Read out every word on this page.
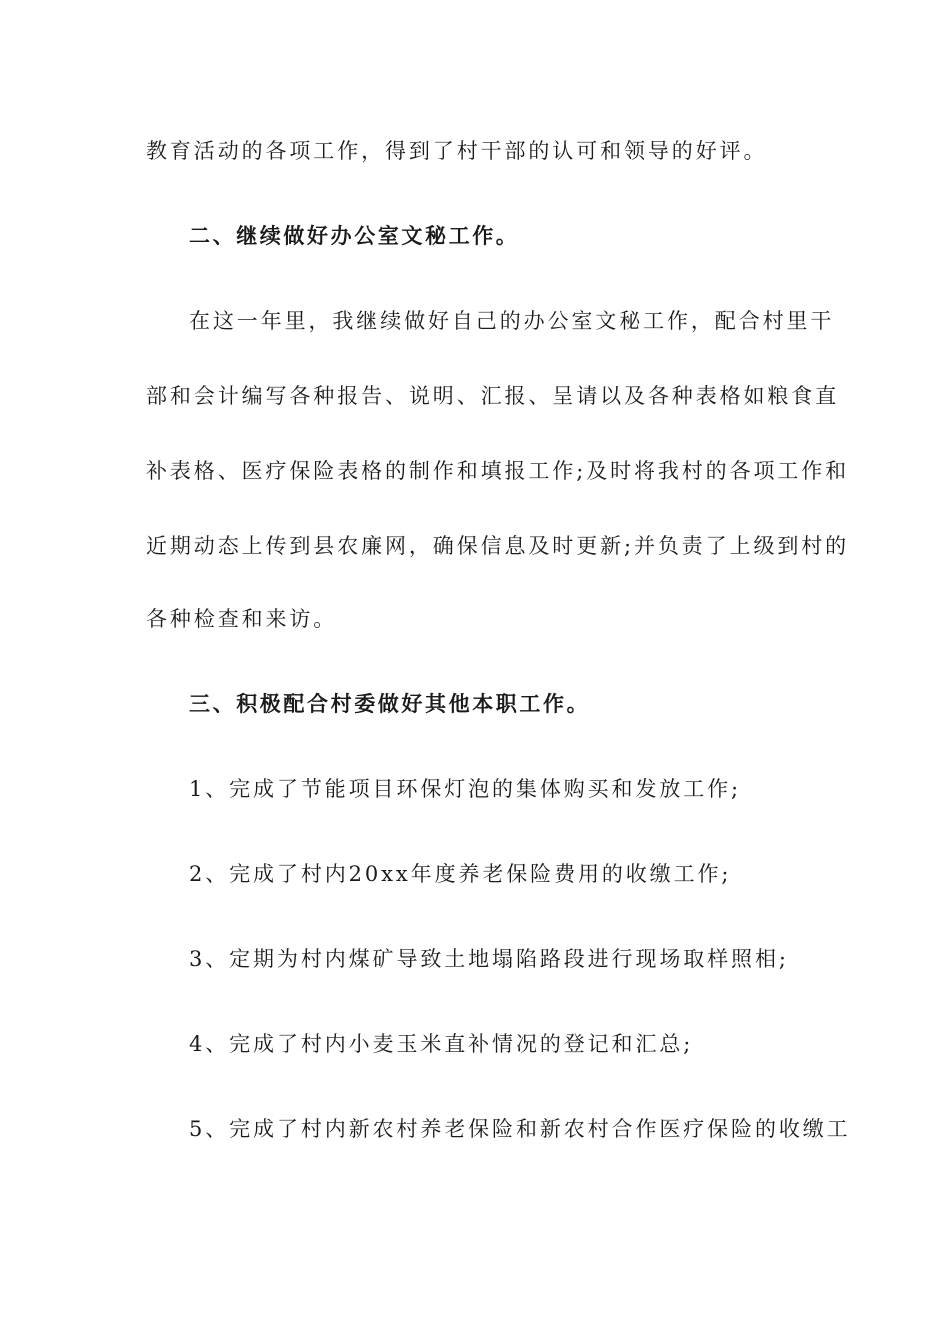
教育活动的各项工作，得到了村干部的认可和领导的好评。
二、继续做好办公室文秘工作。
在这一年里，我继续做好自己的办公室文秘工作，配合村里干
部和会计编写各种报告、说明、汇报、呈请以及各种表格如粮食直
补表格、医疗保险表格的制作和填报工作;及时将我村的各项工作和
近期动态上传到县农廉网，确保信息及时更新;并负责了上级到村的
各种检查和来访。
三、积极配合村委做好其他本职工作。
1、完成了节能项目环保灯泡的集体购买和发放工作;
2、完成了村内20xx年度养老保险费用的收缴工作;
3、定期为村内煤矿导致土地塌陷路段进行现场取样照相;
4、完成了村内小麦玉米直补情况的登记和汇总;
5、完成了村内新农村养老保险和新农村合作医疗保险的收缴工
